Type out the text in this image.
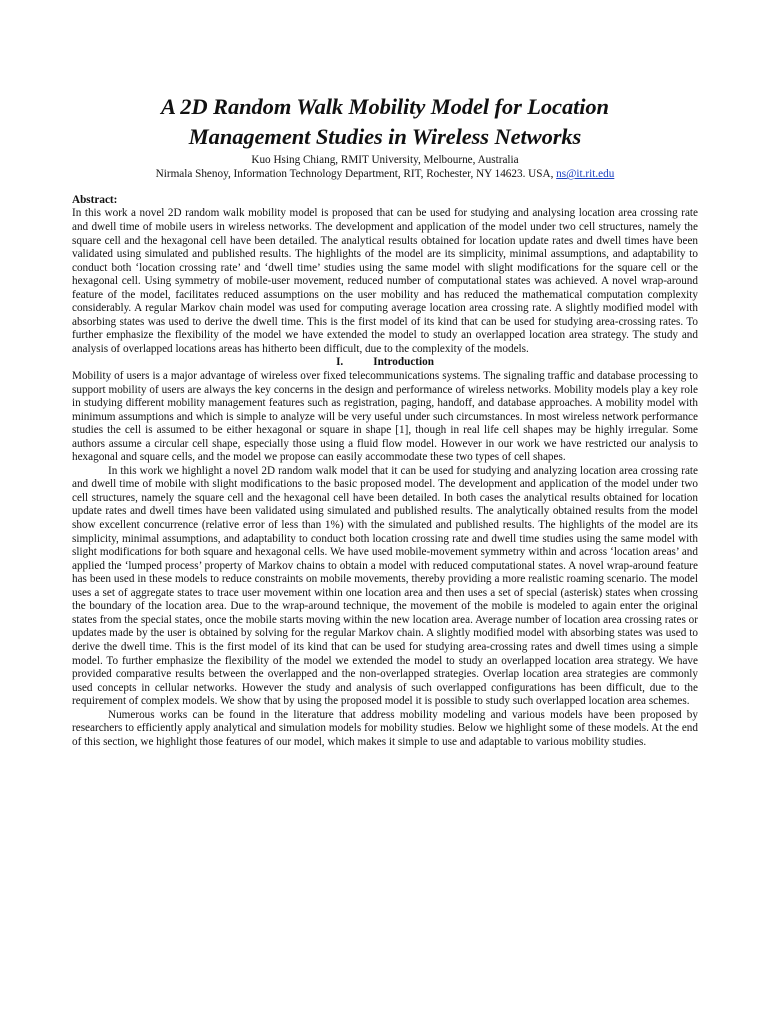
A 2D Random Walk Mobility Model for Location
Management Studies in Wireless Networks
Kuo Hsing Chiang, RMIT University, Melbourne, Australia
Nirmala Shenoy, Information Technology Department, RIT, Rochester, NY 14623. USA, ns@it.rit.edu
Abstract:

In this work a novel 2D random walk mobility model is proposed that can be used for studying and analysing location area crossing rate and dwell time of mobile users in wireless networks. The development and application of the model under two cell structures, namely the square cell and the hexagonal cell have been detailed. The analytical results obtained for location update rates and dwell times have been validated using simulated and published results. The highlights of the model are its simplicity, minimal assumptions, and adaptability to conduct both ‘location crossing rate’ and ‘dwell time’ studies using the same model with slight modifications for the square cell or the hexagonal cell. Using symmetry of mobile-user movement, reduced number of computational states was achieved. A novel wrap-around feature of the model, facilitates reduced assumptions on the user mobility and has reduced the mathematical computation complexity considerably. A regular Markov chain model was used for computing average location area crossing rate. A slightly modified model with absorbing states was used to derive the dwell time. This is the first model of its kind that can be used for studying area-crossing rates. To further emphasize the flexibility of the model we have extended the model to study an overlapped location area strategy. The study and analysis of overlapped locations areas has hitherto been difficult, due to the complexity of the models.

I.	Introduction

Mobility of users is a major advantage of wireless over fixed telecommunications systems. The signaling traffic and database processing to support mobility of users are always the key concerns in the design and performance of wireless networks. Mobility models play a key role in studying different mobility management features such as registration, paging, handoff, and database approaches. A mobility model with minimum assumptions and which is simple to analyze will be very useful under such circumstances. In most wireless network performance studies the cell is assumed to be either hexagonal or square in shape [1], though in real life cell shapes may be highly irregular. Some authors assume a circular cell shape, especially those using a fluid flow model. However in our work we have restricted our analysis to hexagonal and square cells, and the model we propose can easily accommodate these two types of cell shapes.

In this work we highlight a novel 2D random walk model that it can be used for studying and analyzing location area crossing rate and dwell time of mobile with slight modifications to the basic proposed model. The development and application of the model under two cell structures, namely the square cell and the hexagonal cell have been detailed. In both cases the analytical results obtained for location update rates and dwell times have been validated using simulated and published results. The analytically obtained results from the model show excellent concurrence (relative error of less than 1%) with the simulated and published results. The highlights of the model are its simplicity, minimal assumptions, and adaptability to conduct both location crossing rate and dwell time studies using the same model with slight modifications for both square and hexagonal cells. We have used mobile-movement symmetry within and across ‘location areas’ and applied the ‘lumped process’ property of Markov chains to obtain a model with reduced computational states. A novel wrap-around feature has been used in these models to reduce constraints on mobile movements, thereby providing a more realistic roaming scenario. The model uses a set of aggregate states to trace user movement within one location area and then uses a set of special (asterisk) states when crossing the boundary of the location area. Due to the wrap-around technique, the movement of the mobile is modeled to again enter the original states from the special states, once the mobile starts moving within the new location area. Average number of location area crossing rates or updates made by the user is obtained by solving for the regular Markov chain. A slightly modified model with absorbing states was used to derive the dwell time. This is the first model of its kind that can be used for studying area-crossing rates and dwell times using a simple model. To further emphasize the flexibility of the model we extended the model to study an overlapped location area strategy. We have provided comparative results between the overlapped and the non-overlapped strategies. Overlap location area strategies are commonly used concepts in cellular networks. However the study and analysis of such overlapped configurations has been difficult, due to the requirement of complex models. We show that by using the proposed model it is possible to study such overlapped location area schemes.

Numerous works can be found in the literature that address mobility modeling and various models have been proposed by researchers to efficiently apply analytical and simulation models for mobility studies. Below we highlight some of these models. At the end of this section, we highlight those features of our model, which makes it simple to use and adaptable to various mobility studies.
